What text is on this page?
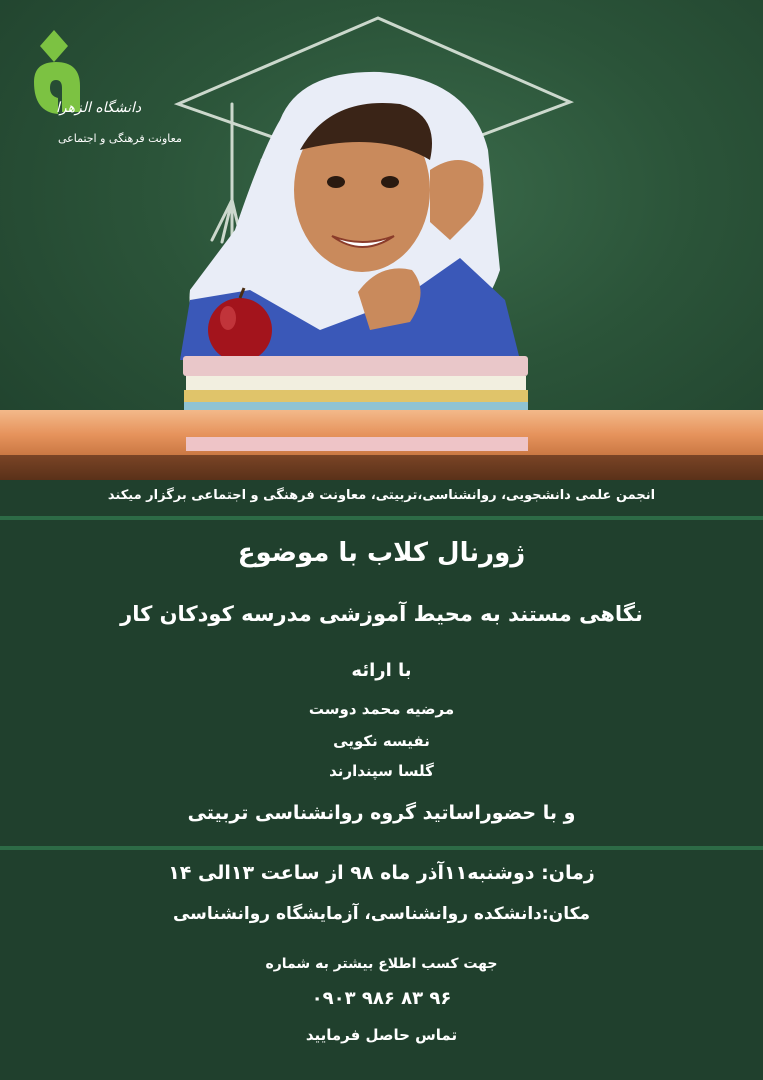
دانشگاه الزهرا
معاونت فرهنگی و اجتماعی
انجمن علمی دانشجویی، روانشناسی،تربیتی، معاونت فرهنگی و اجتماعی برگزار میکند
ژورنال کلاب با موضوع
نگاهی مستند به محیط آموزشی مدرسه کودکان کار
با ارائه
مرضیه محمد دوست
نفیسه نکویی
گلسا سپندارند
و با حضوراساتید گروه روانشناسی تربیتی
زمان: دوشنبه۱۱آذر ماه ۹۸ از ساعت ۱۳الی ۱۴
مکان:دانشکده روانشناسی، آزمایشگاه روانشناسی
جهت کسب اطلاع بیشتر به شماره
۰۹۰۳ ۹۸۶ ۸۳ ۹۶
تماس حاصل فرمایید
